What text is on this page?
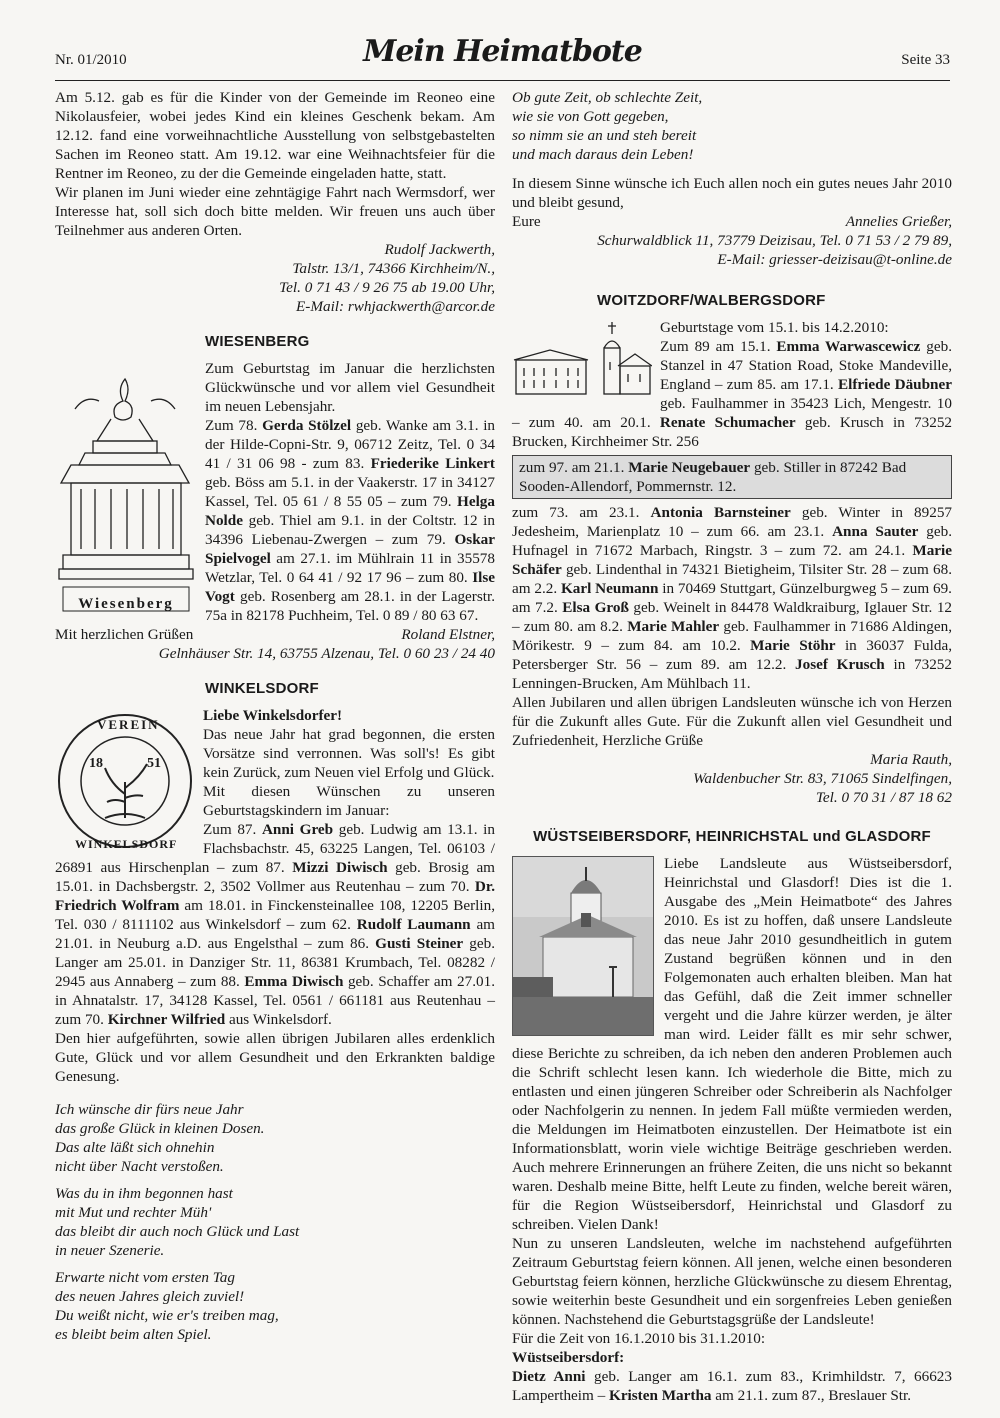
Nr. 01/2010	Mein Heimatbote	Seite 33

Am 5.12. gab es für die Kinder von der Gemeinde im Reoneo eine Nikolausfeier, wobei jedes Kind ein kleines Geschenk bekam. Am 12.12. fand eine vorweihnachtliche Ausstellung von selbstgebastelten Sachen im Reoneo statt. Am 19.12. war eine Weihnachtsfeier für die Rentner im Reoneo, zu der die Gemeinde eingeladen hatte, statt.

Wir planen im Juni wieder eine zehntägige Fahrt nach Wermsdorf, wer Interesse hat, soll sich doch bitte melden. Wir freuen uns auch über Teilnehmer aus anderen Orten.

Rudolf Jackwerth,
Talstr. 13/1, 74366 Kirchheim/N.,
Tel. 0 71 43 / 9 26 75 ab 19.00 Uhr,
E-Mail: rwhjackwerth@arcor.de
WIESENBERG
Wiesenberg

Zum Geburtstag im Januar die herzlichsten Glückwünsche und vor allem viel Gesundheit im neuen Lebensjahr.
Zum 78. Gerda Stölzel geb. Wanke am 3.1. in der Hilde-Copni-Str. 9, 06712 Zeitz, Tel. 0 34 41 / 31 06 98 - zum 83. Friederike Linkert geb. Böss am 5.1. in der Vaakerstr. 17 in 34127 Kassel, Tel. 05 61 / 8 55 05 – zum 79. Helga Nolde geb. Thiel am 9.1. in der Coltstr. 12 in 34396 Liebenau-Zwergen – zum 79. Oskar Spielvogel am 27.1. im Mühlrain 11 in 35578 Wetzlar, Tel. 0 64 41 / 92 17 96 – zum 80. Ilse Vogt geb. Rosenberg am 28.1. in der Lagerstr. 75a in 82178 Puchheim, Tel. 0 89 / 80 63 67.

Mit herzlichen Grüßen	Roland Elstner,
Gelnhäuser Str. 14, 63755 Alzenau, Tel. 0 60 23 / 24 40
WINKELSDORF
18	51
VEREIN
WINKELSDORF

Liebe Winkelsdorfer!
Das neue Jahr hat grad begonnen, die ersten Vorsätze sind verronnen. Was soll's! Es gibt kein Zurück, zum Neuen viel Erfolg und Glück.
Mit diesen Wünschen zu unseren Geburtstagskindern im Januar:
Zum 87. Anni Greb geb. Ludwig am 13.1. in Flachsbachstr. 45, 63225 Langen, Tel. 06103 / 26891 aus Hirschenplan – zum 87. Mizzi Diwisch geb. Brosig am 15.01. in Dachsbergstr. 2, 3502 Vollmer aus Reutenhau – zum 70. Dr. Friedrich Wolfram am 18.01. in Finckensteinallee 108, 12205 Berlin, Tel. 030 / 8111102 aus Winkelsdorf – zum 62. Rudolf Laumann am 21.01. in Neuburg a.D. aus Engelsthal – zum 86. Gusti Steiner geb. Langer am 25.01. in Danziger Str. 11, 86381 Krumbach, Tel. 08282 / 2945 aus Annaberg – zum 88. Emma Diwisch geb. Schaffer am 27.01. in Ahnatalstr. 17, 34128 Kassel, Tel. 0561 / 661181 aus Reutenhau – zum 70. Kirchner Wilfried aus Winkelsdorf.

Den hier aufgeführten, sowie allen übrigen Jubilaren alles erdenklich Gute, Glück und vor allem Gesundheit und den Erkrankten baldige Genesung.

Ich wünsche dir fürs neue Jahr
das große Glück in kleinen Dosen.
Das alte läßt sich ohnehin
nicht über Nacht verstoßen.
Was du in ihm begonnen hast
mit Mut und rechter Müh'
das bleibt dir auch noch Glück und Last
in neuer Szenerie.
Erwarte nicht vom ersten Tag
des neuen Jahres gleich zuviel!
Du weißt nicht, wie er's treiben mag,
es bleibt beim alten Spiel.
Ob gute Zeit, ob schlechte Zeit,
wie sie von Gott gegeben,
so nimm sie an und steh bereit
und mach daraus dein Leben!

In diesem Sinne wünsche ich Euch allen noch ein gutes neues Jahr 2010 und bleibt gesund,

Eure	Annelies Grießer,
Schurwaldblick 11, 73779 Deizisau, Tel. 0 71 53 / 2 79 89,
E-Mail: griesser-deizisau@t-online.de
WOITZDORF/WALBERGSDORF

Geburtstage vom 15.1. bis 14.2.2010:
Zum 89 am 15.1. Emma Warwascewicz geb. Stanzel in 47 Station Road, Stoke Mandeville, England – zum 85. am 17.1. Elfriede Däubner geb. Faulhammer in 35423 Lich, Mengestr. 10 – zum 40. am 20.1. Renate Schumacher geb. Krusch in 73252 Brucken, Kirchheimer Str. 256

zum 97. am 21.1. Marie Neugebauer geb. Stiller in 87242 Bad Sooden-Allendorf, Pommernstr. 12.

zum 73. am 23.1. Antonia Barnsteiner geb. Winter in 89257 Jedesheim, Marienplatz 10 – zum 66. am 23.1. Anna Sauter geb. Hufnagel in 71672 Marbach, Ringstr. 3 – zum 72. am 24.1. Marie Schäfer geb. Lindenthal in 74321 Bietigheim, Tilsiter Str. 28 – zum 68. am 2.2. Karl Neumann in 70469 Stuttgart, Günzelburgweg 5 – zum 69. am 7.2. Elsa Groß geb. Weinelt in 84478 Waldkraiburg, Iglauer Str. 12 – zum 80. am 8.2. Marie Mahler geb. Faulhammer in 71686 Aldingen, Mörikestr. 9 – zum 84. am 10.2. Marie Stöhr in 36037 Fulda, Petersberger Str. 56 – zum 89. am 12.2. Josef Krusch in 73252 Lenningen-Brucken, Am Mühlbach 11.

Allen Jubilaren und allen übrigen Landsleuten wünsche ich von Herzen für die Zukunft alles Gute. Für die Zukunft allen viel Gesundheit und Zufriedenheit, Herzliche Grüße

Maria Rauth,
Waldenbucher Str. 83, 71065 Sindelfingen,
Tel. 0 70 31 / 87 18 62
WÜSTSEIBERSDORF, HEINRICHSTAL und GLASDORF

Liebe Landsleute aus Wüstseibersdorf, Heinrichstal und Glasdorf! Dies ist die 1. Ausgabe des „Mein Heimatbote“ des Jahres 2010. Es ist zu hoffen, daß unsere Landsleute das neue Jahr 2010 gesundheitlich in gutem Zustand begrüßen können und in den Folgemonaten auch erhalten bleiben. Man hat das Gefühl, daß die Zeit immer schneller vergeht und die Jahre kürzer werden, je älter man wird. Leider fällt es mir sehr schwer, diese Berichte zu schreiben, da ich neben den anderen Problemen auch die Schrift schlecht lesen kann. Ich wiederhole die Bitte, mich zu entlasten und einen jüngeren Schreiber oder Schreiberin als Nachfolger oder Nachfolgerin zu nennen. In jedem Fall müßte vermieden werden, die Meldungen im Heimatboten einzustellen. Der Heimatbote ist ein Informationsblatt, worin viele wichtige Beiträge geschrieben werden. Auch mehrere Erinnerungen an frühere Zeiten, die uns nicht so bekannt waren. Deshalb meine Bitte, helft Leute zu finden, welche bereit wären, für die Region Wüstseibersdorf, Heinrichstal und Glasdorf zu schreiben. Vielen Dank!

Nun zu unseren Landsleuten, welche im nachstehend aufgeführten Zeitraum Geburtstag feiern können. All jenen, welche einen besonderen Geburtstag feiern können, herzliche Glückwünsche zu diesem Ehrentag, sowie weiterhin beste Gesundheit und ein sorgenfreies Leben genießen können. Nachstehend die Geburtstagsgrüße der Landsleute!

Für die Zeit von 16.1.2010 bis 31.1.2010:

Wüstseibersdorf:

Dietz Anni geb. Langer am 16.1. zum 83., Krimhildstr. 7, 66623 Lampertheim – Kristen Martha am 21.1. zum 87., Breslauer Str.
